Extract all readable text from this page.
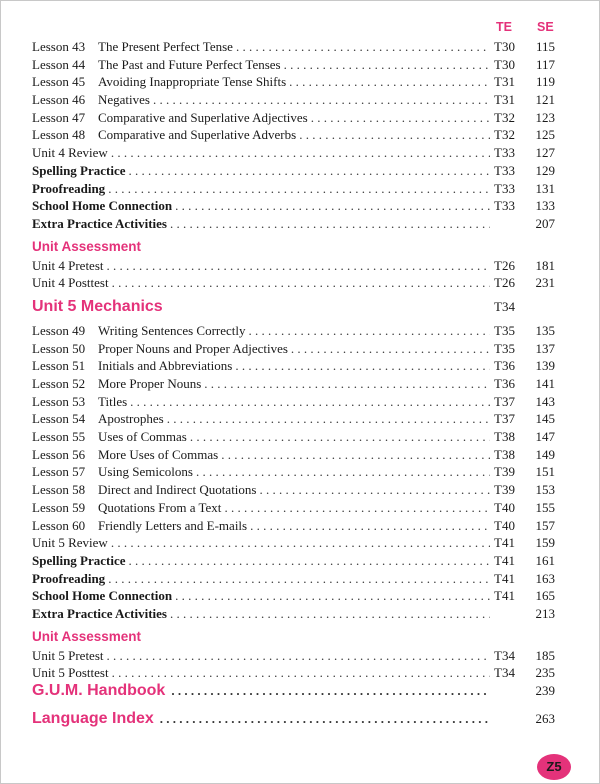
TE SE
Lesson 43 The Present Perfect Tense . . .	T30	115
Lesson 44 The Past and Future Perfect Tenses . . .	T30	117
Lesson 45 Avoiding Inappropriate Tense Shifts . . .	T31	119
Lesson 46 Negatives . . .	T31	121
Lesson 47 Comparative and Superlative Adjectives . . .	T32	123
Lesson 48 Comparative and Superlative Adverbs . . .	T32	125
Unit 4 Review . . .	T33	127
Spelling Practice . . .	T33	129
Proofreading . . .	T33	131
School Home Connection . . .	T33	133
Extra Practice Activities . . .	207
Unit Assessment
Unit 4 Pretest . . .	T26	181
Unit 4 Posttest . . .	T26	231
Unit 5 Mechanics	T34
Lesson 49 Writing Sentences Correctly . . .	T35	135
Lesson 50 Proper Nouns and Proper Adjectives . . .	T35	137
Lesson 51 Initials and Abbreviations . . .	T36	139
Lesson 52 More Proper Nouns . . .	T36	141
Lesson 53 Titles . . .	T37	143
Lesson 54 Apostrophes . . .	T37	145
Lesson 55 Uses of Commas . . .	T38	147
Lesson 56 More Uses of Commas . . .	T38	149
Lesson 57 Using Semicolons . . .	T39	151
Lesson 58 Direct and Indirect Quotations . . .	T39	153
Lesson 59 Quotations From a Text . . .	T40	155
Lesson 60 Friendly Letters and E-mails . . .	T40	157
Unit 5 Review . . .	T41	159
Spelling Practice . . .	T41	161
Proofreading . . .	T41	163
School Home Connection . . .	T41	165
Extra Practice Activities . . .	213
Unit Assessment
Unit 5 Pretest . . .	T34	185
Unit 5 Posttest . . .	T34	235
G.U.M. Handbook . . .	239
Language Index . . .	263
Z5
